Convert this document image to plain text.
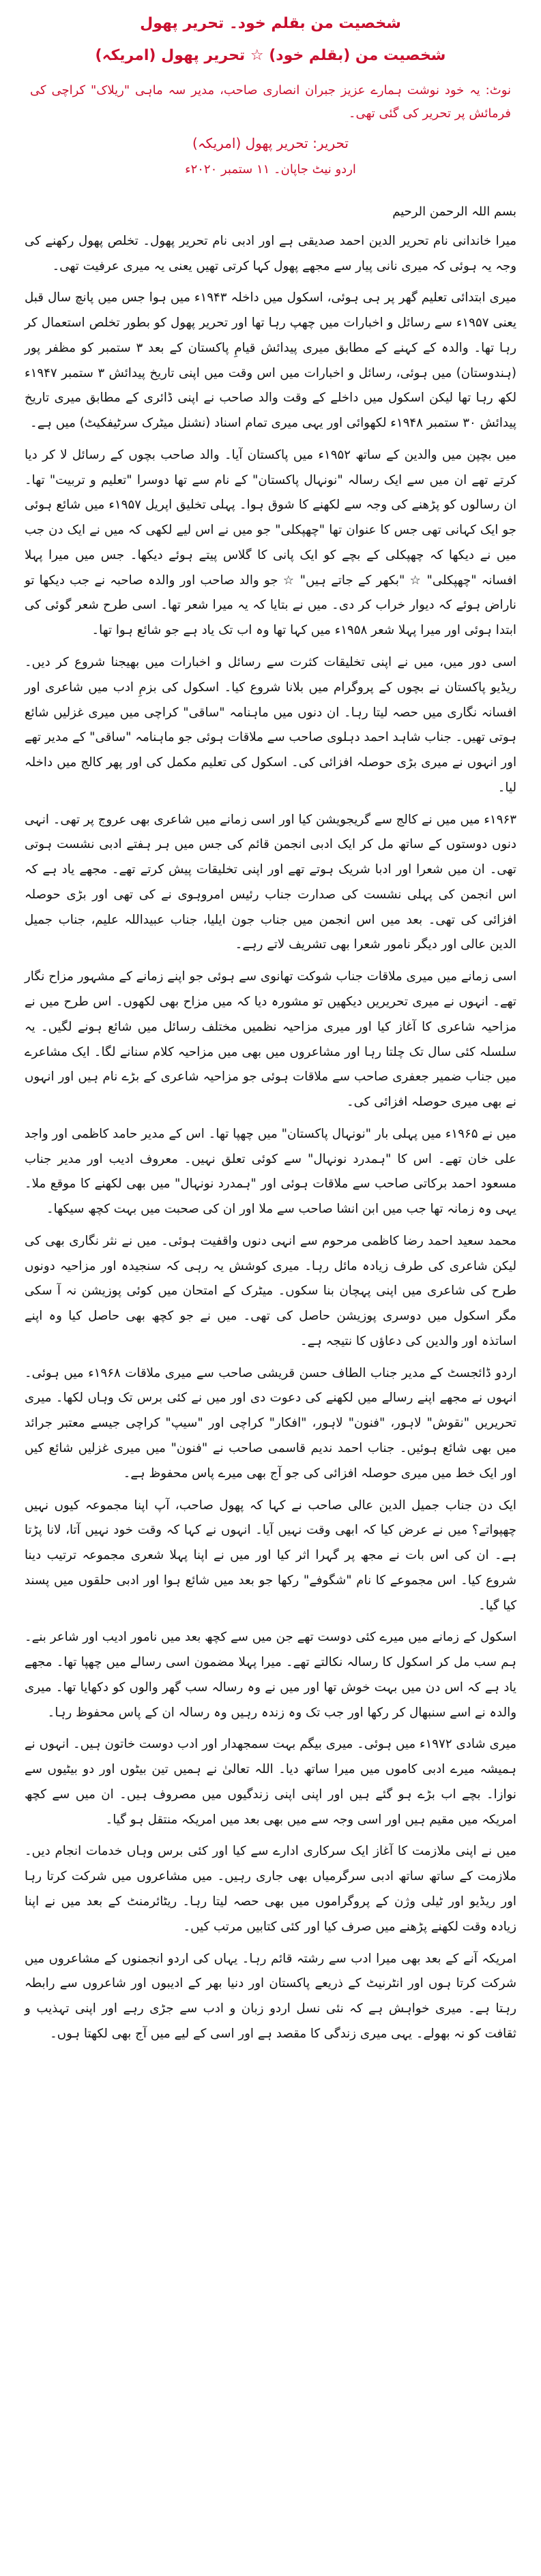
شخصیت من بقلم خود۔ تحریر پھول
شخصیت من (بقلم خود) ☆ تحریر پھول (امریکہ)
نوٹ: یہ خود نوشت ہمارے عزیز جبران انصاری صاحب، مدیر سہ ماہی "ریلاک" کراچی کی فرمائش پر تحریر کی گئی تھی۔
تحریر: تحریر پھول (امریکہ)
اردو نیٹ جاپان۔ ۱۱ ستمبر ۲۰۲۰ء
بسم اللہ الرحمن الرحیم

میرا خاندانی نام تحریر الدین احمد صدیقی ہے اور ادبی نام تحریر پھول۔ تخلص پھول رکھنے کی وجہ یہ ہوئی کہ میری نانی پیار سے مجھے پھول کہا کرتی تھیں یعنی یہ میری عرفیت تھی۔

میری ابتدائی تعلیم گھر پر ہی ہوئی، اسکول میں داخلہ ۱۹۴۳ء میں ہوا جس میں پانچ سال قبل یعنی ۱۹۵۷ء سے رسائل و اخبارات میں چھپ رہا تھا اور تحریر پھول کو بطور تخلص استعمال کر رہا تھا۔ والدہ کے کہنے کے مطابق میری پیدائش قیامِ پاکستان کے بعد ۳ ستمبر کو مظفر پور (ہندوستان) میں ہوئی، رسائل و اخبارات میں اس وقت میں اپنی تاریخ پیدائش ۳ ستمبر ۱۹۴۷ء لکھ رہا تھا لیکن اسکول میں داخلے کے وقت والد صاحب نے اپنی ڈائری کے مطابق میری تاریخ پیدائش ۳۰ ستمبر ۱۹۴۸ء لکھوائی اور یہی میری تمام اسناد (نشنل میٹرک سرٹیفکیٹ) میں ہے۔

میں بچپن میں والدین کے ساتھ ۱۹۵۲ء میں پاکستان آیا۔ والد صاحب بچوں کے رسائل لا کر دیا کرتے تھے ان میں سے ایک رسالہ "نونہال پاکستان" کے نام سے تھا دوسرا "تعلیم و تربیت" تھا۔ ان رسالوں کو پڑھنے کی وجہ سے لکھنے کا شوق ہوا۔ پہلی تخلیق اپریل ۱۹۵۷ء میں شائع ہوئی جو ایک کہانی تھی جس کا عنوان تھا "چھپکلی" جو میں نے اس لیے لکھی کہ میں نے ایک دن جب میں نے دیکھا کہ چھپکلی کے بچے کو ایک پانی کا گلاس پیتے ہوئے دیکھا۔ جس میں میرا پہلا افسانہ "چھپکلی" ☆ "بکھر کے جاتے ہیں" ☆ جو والد صاحب اور والدہ صاحبہ نے جب دیکھا تو ناراض ہوئے کہ دیوار خراب کر دی۔ میں نے بتایا کہ یہ میرا شعر تھا۔ اسی طرح شعر گوئی کی ابتدا ہوئی اور میرا پہلا شعر ۱۹۵۸ء میں کہا تھا وہ اب تک یاد ہے جو شائع ہوا تھا۔

اسی دور میں، میں نے اپنی تخلیقات کثرت سے رسائل و اخبارات میں بھیجنا شروع کر دیں۔ ریڈیو پاکستان نے بچوں کے پروگرام میں بلانا شروع کیا۔ اسکول کی بزمِ ادب میں شاعری اور افسانہ نگاری میں حصہ لیتا رہا۔ ان دنوں میں ماہنامہ "ساقی" کراچی میں میری غزلیں شائع ہوتی تھیں۔ جناب شاہد احمد دہلوی صاحب سے ملاقات ہوئی جو ماہنامہ "ساقی" کے مدیر تھے اور انہوں نے میری بڑی حوصلہ افزائی کی۔ اسکول کی تعلیم مکمل کی اور پھر کالج میں داخلہ لیا۔

۱۹۶۳ء میں میں نے کالج سے گریجویشن کیا اور اسی زمانے میں شاعری بھی عروج پر تھی۔ انہی دنوں دوستوں کے ساتھ مل کر ایک ادبی انجمن قائم کی جس میں ہر ہفتے ادبی نشست ہوتی تھی۔ ان میں شعرا اور ادبا شریک ہوتے تھے اور اپنی تخلیقات پیش کرتے تھے۔ مجھے یاد ہے کہ اس انجمن کی پہلی نشست کی صدارت جناب رئیس امروہوی نے کی تھی اور بڑی حوصلہ افزائی کی تھی۔ بعد میں اس انجمن میں جناب جون ایلیا، جناب عبیداللہ علیم، جناب جمیل الدین عالی اور دیگر نامور شعرا بھی تشریف لاتے رہے۔

اسی زمانے میں میری ملاقات جناب شوکت تھانوی سے ہوئی جو اپنے زمانے کے مشہور مزاح نگار تھے۔ انہوں نے میری تحریریں دیکھیں تو مشورہ دیا کہ میں مزاح بھی لکھوں۔ اس طرح میں نے مزاحیہ شاعری کا آغاز کیا اور میری مزاحیہ نظمیں مختلف رسائل میں شائع ہونے لگیں۔ یہ سلسلہ کئی سال تک چلتا رہا اور مشاعروں میں بھی میں مزاحیہ کلام سنانے لگا۔ ایک مشاعرے میں جناب ضمیر جعفری صاحب سے ملاقات ہوئی جو مزاحیہ شاعری کے بڑے نام ہیں اور انہوں نے بھی میری حوصلہ افزائی کی۔

میں نے ۱۹۶۵ء میں پہلی بار "نونہال پاکستان" میں چھپا تھا۔ اس کے مدیر حامد کاظمی اور واجد علی خان تھے۔ اس کا "ہمدرد نونہال" سے کوئی تعلق نہیں۔ معروف ادیب اور مدیر جناب مسعود احمد برکاتی صاحب سے ملاقات ہوئی اور "ہمدرد نونہال" میں بھی لکھنے کا موقع ملا۔ یہی وہ زمانہ تھا جب میں ابن انشا صاحب سے ملا اور ان کی صحبت میں بہت کچھ سیکھا۔

محمد سعید احمد رضا کاظمی مرحوم سے انہی دنوں واقفیت ہوئی۔ میں نے نثر نگاری بھی کی لیکن شاعری کی طرف زیادہ مائل رہا۔ میری کوشش یہ رہی کہ سنجیدہ اور مزاحیہ دونوں طرح کی شاعری میں اپنی پہچان بنا سکوں۔ میٹرک کے امتحان میں کوئی پوزیشن نہ آ سکی مگر اسکول میں دوسری پوزیشن حاصل کی تھی۔ میں نے جو کچھ بھی حاصل کیا وہ اپنے اساتذہ اور والدین کی دعاؤں کا نتیجہ ہے۔

اردو ڈائجسٹ کے مدیر جناب الطاف حسن قریشی صاحب سے میری ملاقات ۱۹۶۸ء میں ہوئی۔ انہوں نے مجھے اپنے رسالے میں لکھنے کی دعوت دی اور میں نے کئی برس تک وہاں لکھا۔ میری تحریریں "نقوش" لاہور، "فنون" لاہور، "افکار" کراچی اور "سیپ" کراچی جیسے معتبر جرائد میں بھی شائع ہوئیں۔ جناب احمد ندیم قاسمی صاحب نے "فنون" میں میری غزلیں شائع کیں اور ایک خط میں میری حوصلہ افزائی کی جو آج بھی میرے پاس محفوظ ہے۔

ایک دن جناب جمیل الدین عالی صاحب نے کہا کہ پھول صاحب، آپ اپنا مجموعہ کیوں نہیں چھپواتے؟ میں نے عرض کیا کہ ابھی وقت نہیں آیا۔ انہوں نے کہا کہ وقت خود نہیں آتا، لانا پڑتا ہے۔ ان کی اس بات نے مجھ پر گہرا اثر کیا اور میں نے اپنا پہلا شعری مجموعہ ترتیب دینا شروع کیا۔ اس مجموعے کا نام "شگوفے" رکھا جو بعد میں شائع ہوا اور ادبی حلقوں میں پسند کیا گیا۔

اسکول کے زمانے میں میرے کئی دوست تھے جن میں سے کچھ بعد میں نامور ادیب اور شاعر بنے۔ ہم سب مل کر اسکول کا رسالہ نکالتے تھے۔ میرا پہلا مضمون اسی رسالے میں چھپا تھا۔ مجھے یاد ہے کہ اس دن میں بہت خوش تھا اور میں نے وہ رسالہ سب گھر والوں کو دکھایا تھا۔ میری والدہ نے اسے سنبھال کر رکھا اور جب تک وہ زندہ رہیں وہ رسالہ ان کے پاس محفوظ رہا۔

میری شادی ۱۹۷۲ء میں ہوئی۔ میری بیگم بہت سمجھدار اور ادب دوست خاتون ہیں۔ انہوں نے ہمیشہ میرے ادبی کاموں میں میرا ساتھ دیا۔ اللہ تعالیٰ نے ہمیں تین بیٹوں اور دو بیٹیوں سے نوازا۔ بچے اب بڑے ہو گئے ہیں اور اپنی اپنی زندگیوں میں مصروف ہیں۔ ان میں سے کچھ امریکہ میں مقیم ہیں اور اسی وجہ سے میں بھی بعد میں امریکہ منتقل ہو گیا۔

میں نے اپنی ملازمت کا آغاز ایک سرکاری ادارے سے کیا اور کئی برس وہاں خدمات انجام دیں۔ ملازمت کے ساتھ ساتھ ادبی سرگرمیاں بھی جاری رہیں۔ میں مشاعروں میں شرکت کرتا رہا اور ریڈیو اور ٹیلی وژن کے پروگراموں میں بھی حصہ لیتا رہا۔ ریٹائرمنٹ کے بعد میں نے اپنا زیادہ وقت لکھنے پڑھنے میں صرف کیا اور کئی کتابیں مرتب کیں۔

امریکہ آنے کے بعد بھی میرا ادب سے رشتہ قائم رہا۔ یہاں کی اردو انجمنوں کے مشاعروں میں شرکت کرتا ہوں اور انٹرنیٹ کے ذریعے پاکستان اور دنیا بھر کے ادیبوں اور شاعروں سے رابطہ رہتا ہے۔ میری خواہش ہے کہ نئی نسل اردو زبان و ادب سے جڑی رہے اور اپنی تہذیب و ثقافت کو نہ بھولے۔ یہی میری زندگی کا مقصد ہے اور اسی کے لیے میں آج بھی لکھتا ہوں۔
